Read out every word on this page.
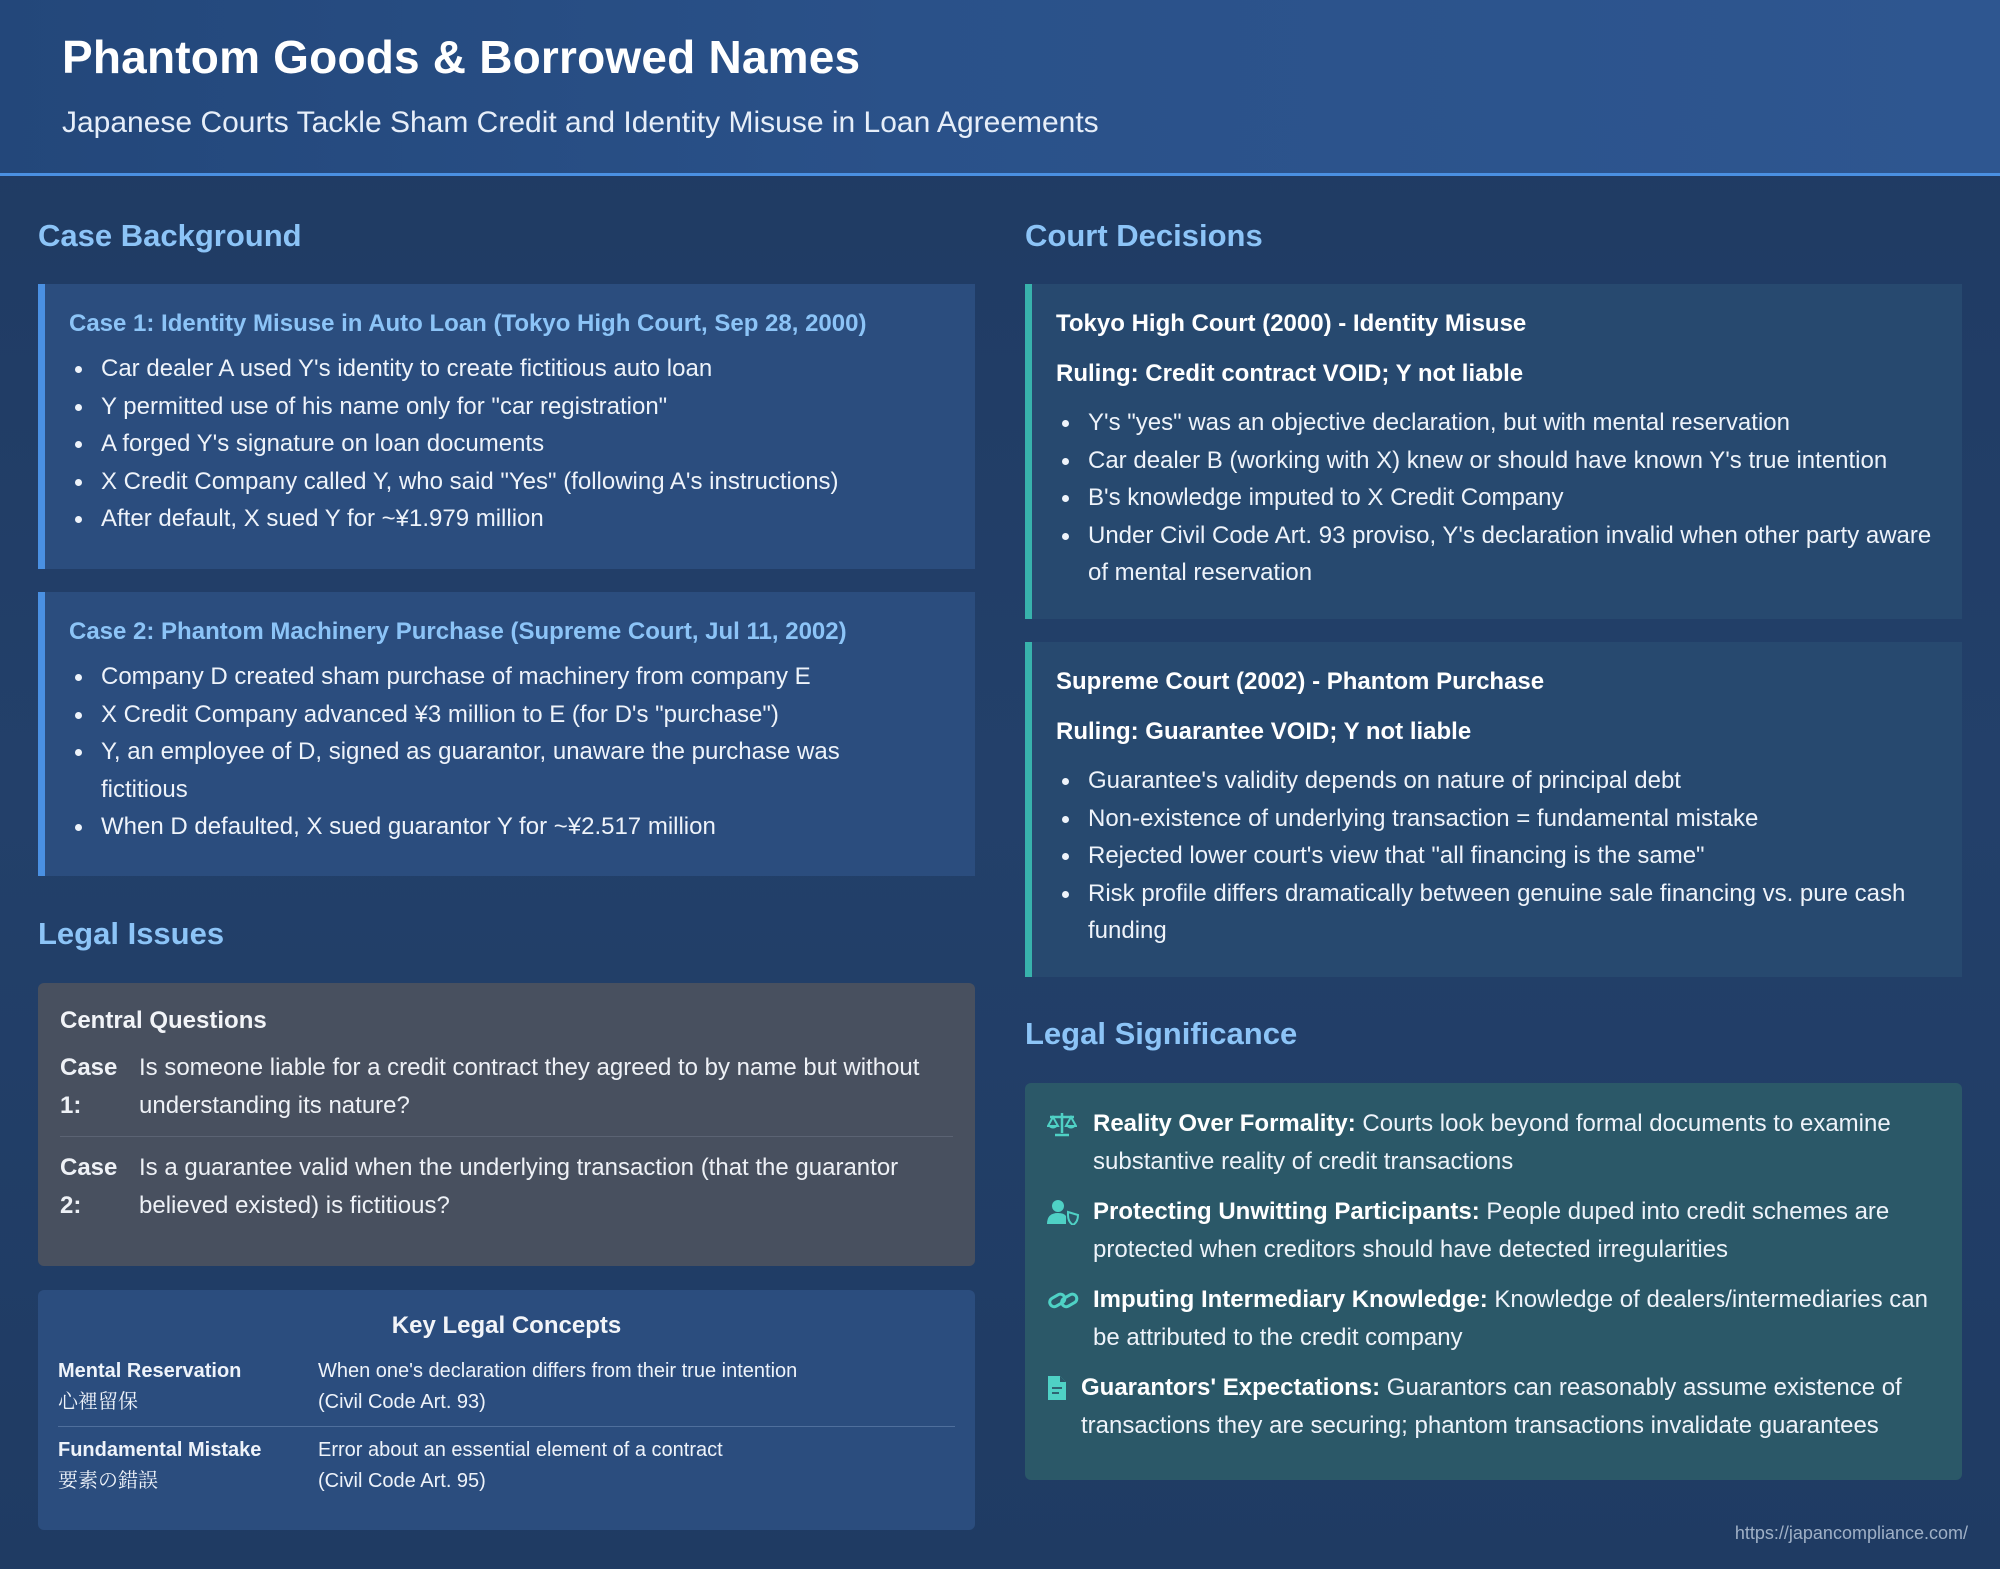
Phantom Goods & Borrowed Names
Japanese Courts Tackle Sham Credit and Identity Misuse in Loan Agreements
Case Background
Case 1: Identity Misuse in Auto Loan (Tokyo High Court, Sep 28, 2000)
Car dealer A used Y's identity to create fictitious auto loan
Y permitted use of his name only for "car registration"
A forged Y's signature on loan documents
X Credit Company called Y, who said "Yes" (following A's instructions)
After default, X sued Y for ~¥1.979 million
Case 2: Phantom Machinery Purchase (Supreme Court, Jul 11, 2002)
Company D created sham purchase of machinery from company E
X Credit Company advanced ¥3 million to E (for D's "purchase")
Y, an employee of D, signed as guarantor, unaware the purchase was fictitious
When D defaulted, X sued guarantor Y for ~¥2.517 million
Legal Issues
Central Questions
Case 1:
Is someone liable for a credit contract they agreed to by name but without understanding its nature?
Case 2:
Is a guarantee valid when the underlying transaction (that the guarantor believed existed) is fictitious?
Key Legal Concepts
Mental Reservation
心裡留保
When one's declaration differs from their true intention
(Civil Code Art. 93)
Fundamental Mistake
要素の錯誤
Error about an essential element of a contract
(Civil Code Art. 95)
Court Decisions
Tokyo High Court (2000) - Identity Misuse
Ruling: Credit contract VOID; Y not liable
Y's "yes" was an objective declaration, but with mental reservation
Car dealer B (working with X) knew or should have known Y's true intention
B's knowledge imputed to X Credit Company
Under Civil Code Art. 93 proviso, Y's declaration invalid when other party aware of mental reservation
Supreme Court (2002) - Phantom Purchase
Ruling: Guarantee VOID; Y not liable
Guarantee's validity depends on nature of principal debt
Non-existence of underlying transaction = fundamental mistake
Rejected lower court's view that "all financing is the same"
Risk profile differs dramatically between genuine sale financing vs. pure cash funding
Legal Significance
Reality Over Formality: Courts look beyond formal documents to examine substantive reality of credit transactions
Protecting Unwitting Participants: People duped into credit schemes are protected when creditors should have detected irregularities
Imputing Intermediary Knowledge: Knowledge of dealers/intermediaries can be attributed to the credit company
Guarantors' Expectations: Guarantors can reasonably assume existence of transactions they are securing; phantom transactions invalidate guarantees
https://japancompliance.com/
